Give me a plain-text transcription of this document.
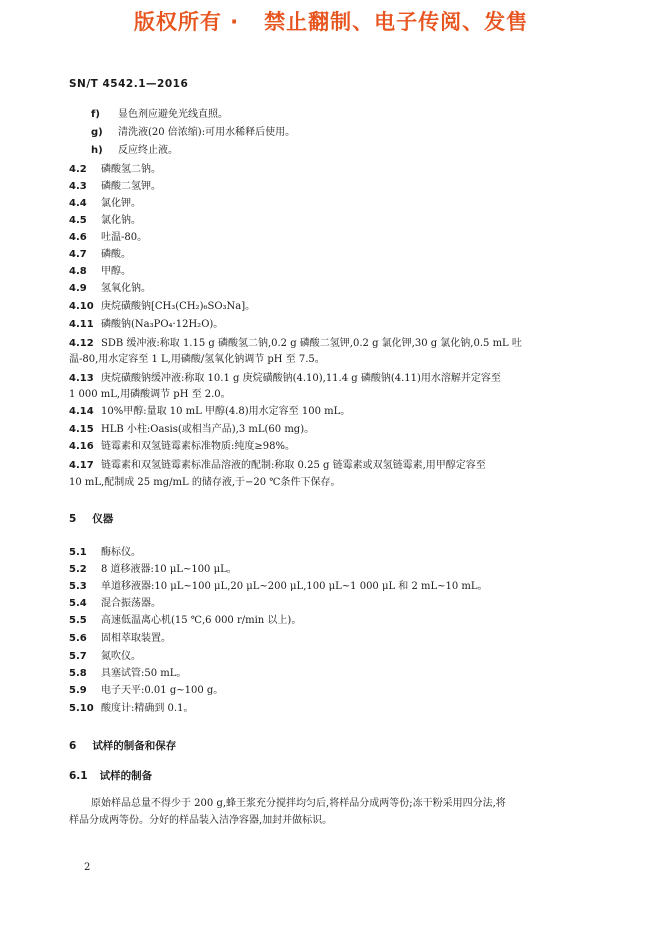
版权所有 ·   禁止翻制、电子传阅、发售
SN/T 4542.1—2016
f) 显色剂应避免光线直照。
g) 清洗液(20 倍浓缩):可用水稀释后使用。
h) 反应终止液。
4.2 磷酸氢二钠。
4.3 磷酸二氢钾。
4.4 氯化钾。
4.5 氯化钠。
4.6 吐温-80。
4.7 磷酸。
4.8 甲醇。
4.9 氢氧化钠。
4.10 庚烷磺酸钠[CH₃(CH₂)₆SO₃Na]。
4.11 磷酸钠(Na₃PO₄·12H₂O)。
4.12 SDB 缓冲液:称取 1.15 g 磷酸氢二钠,0.2 g 磷酸二氢钾,0.2 g 氯化钾,30 g 氯化钠,0.5 mL 吐
温-80,用水定容至 1 L,用磷酸/氢氧化钠调节 pH 至 7.5。
4.13 庚烷磺酸钠缓冲液:称取 10.1 g 庚烷磺酸钠(4.10),11.4 g 磷酸钠(4.11)用水溶解并定容至
1 000 mL,用磷酸调节 pH 至 2.0。
4.14 10%甲醇:量取 10 mL 甲醇(4.8)用水定容至 100 mL。
4.15 HLB 小柱:Oasis(或相当产品),3 mL(60 mg)。
4.16 链霉素和双氢链霉素标准物质:纯度≥98%。
4.17 链霉素和双氢链霉素标准品溶液的配制:称取 0.25 g 链霉素或双氢链霉素,用甲醇定容至
10 mL,配制成 25 mg/mL 的储存液,于−20 ℃条件下保存。
5 仪器
5.1 酶标仪。
5.2 8 道移液器:10 μL~100 μL。
5.3 单道移液器:10 μL~100 μL,20 μL~200 μL,100 μL~1 000 μL 和 2 mL~10 mL。
5.4 混合振荡器。
5.5 高速低温离心机(15 ℃,6 000 r/min 以上)。
5.6 固相萃取装置。
5.7 氮吹仪。
5.8 具塞试管:50 mL。
5.9 电子天平:0.01 g~100 g。
5.10 酸度计:精确到 0.1。
6 试样的制备和保存
6.1 试样的制备
原始样品总量不得少于 200 g,蜂王浆充分搅拌均匀后,将样品分成两等份;冻干粉采用四分法,将
样品分成两等份。分好的样品装入洁净容器,加封并做标识。
2
